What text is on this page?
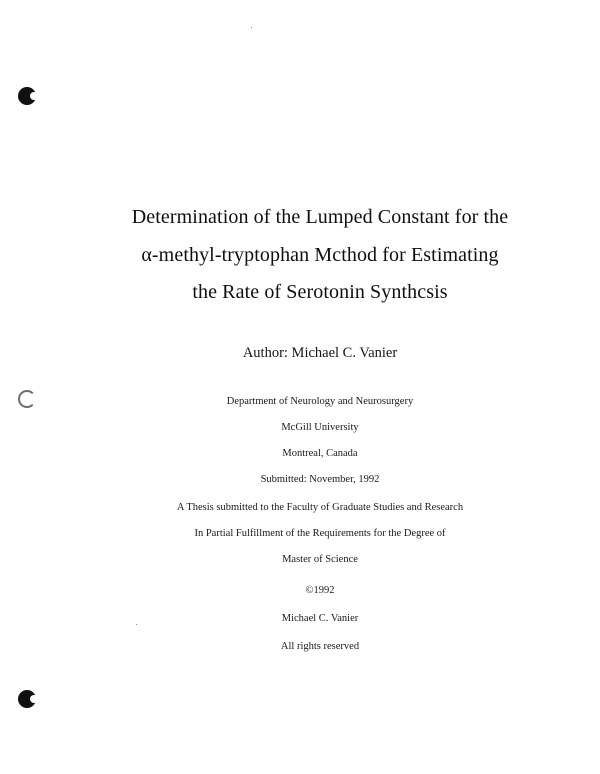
Determination of the Lumped Constant for the
α-methyl-tryptophan Mcthod for Estimating
the Rate of Serotonin Synthcsis
Author: Michael C. Vanier
Department of Neurology and Neurosurgery
McGill University
Montreal, Canada
Submitted: November, 1992
A Thesis submitted to the Faculty of Graduate Studies and Research
In Partial Fulfillment of the Requirements for the Degree of
Master of Science
©1992
Michael C. Vanier
All rights reserved
